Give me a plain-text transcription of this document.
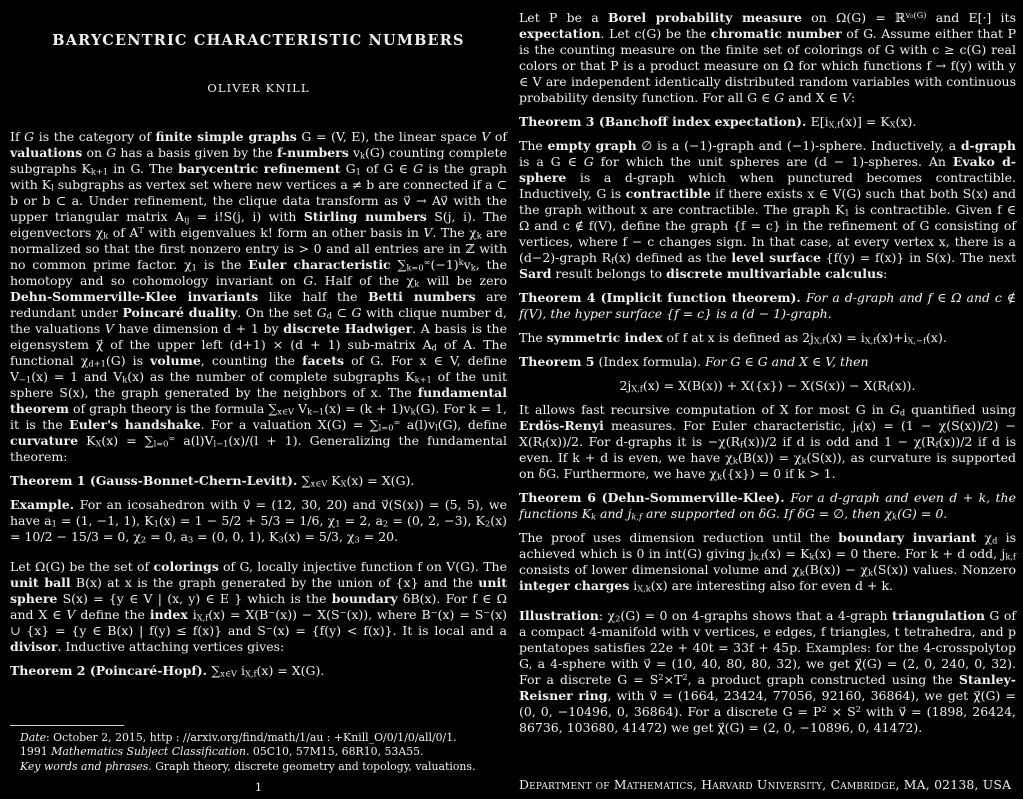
BARYCENTRIC CHARACTERISTIC NUMBERS
OLIVER KNILL
If G is the category of finite simple graphs G = (V, E), the linear space V of valuations on G has a basis given by the f-numbers $v_k(G)$ counting complete subgraphs $K_{k+1}$ in G. The barycentric refinement $G_1$ of G ∈ G is the graph with $K_l$ subgraphs as vertex set where new vertices a ≠ b are connected if a ⊂ b or b ⊂ a. Under refinement, the clique data transform as v⃗ → Av⃗ with the upper triangular matrix $A_{ij} = i!S(j$, i) with Stirling numbers S(j, i). The eigenvectors $\chi_k$ of $A^T$ with eigenvalues k! form an other basis in V. The $\chi_k$ are normalized so that the first nonzero entry is > 0 and all entries are in ℤ with no common prime factor. $\chi_1$ is the Euler characteristic $\sum_{k=0}^\infty(-1)^kv_k$, the homotopy and so cohomology invariant on G. Half of the $\chi_k$ will be zero Dehn-Sommerville-Klee invariants like half the Betti numbers are redundant under Poincaré duality. On the set $G_d$ ⊂ G with clique number d, the valuations V have dimension d + 1 by discrete Hadwiger. A basis is the eigensystem χ⃗ of the upper left (d+1) × (d + 1) sub-matrix $A_d$ of A. The functional $\chi_{d+1}(G)$ is volume, counting the facets of G. For x ∈ V, define $V_{-1}(x) = 1$ and $V_k(x)$ as the number of complete subgraphs $K_{k+1}$ of the unit sphere S(x), the graph generated by the neighbors of x. The fundamental theorem of graph theory is the formula $\sum_{x\in V}$ $V_{k-1}(x) = (k + 1)v_k(G)$. For k = 1, it is the Euler's handshake. For a valuation $X(G) = \sum_{l=0}^\infty$ $a(l)v_l(G)$, define curvature $K_X(x) = \sum_{l=0}^\infty$ $a(l)V_{l-1}(x)/(l + 1)$. Generalizing the fundamental theorem:
Theorem 1 (Gauss-Bonnet-Chern-Levitt). $\sum_{x\in V}$ $K_X(x) = X(G)$.
Example. For an icosahedron with v⃗ = (12, 30, 20) and v⃗(S(x)) = (5, 5), we have $a_1 = (1$, −1, 1), $K_1(x) = 1 - 5/2 + 5/3 = 1/6$, $\chi_1 = 2$, $a_2 = (0$, 2, −3), $K_2(x) = 10/2 - 15/3 = 0$, $\chi_2 = 0$, $a_3 = (0$, 0, 1), $K_3(x) = 5/3$, $\chi_3 = 20$.
Let Ω(G) be the set of colorings of G, locally injective function f on V(G). The unit ball B(x) at x is the graph generated by the union of {x} and the unit sphere S(x) = {y ∈ V | (x, y) ∈ E } which is the boundary δB(x). For f ∈ Ω and X ∈ V define the index $i_{X,f}(x) = X(B^-(x)) - X(S^-(x))$, where B−(x) = S−(x) ∪ {x} = {y ∈ B(x) | f(y) ≤ f(x)} and S−(x) = {f(y) < f(x)}. It is local and a divisor. Inductive attaching vertices gives:
Theorem 2 (Poincaré-Hopf). $\sum_{x\in V}$ $i_{X,f}(x) = X(G)$.
Date: October 2, 2015, http : //arxiv.org/find/math/1/au : +Knill_O/0/1/0/all/0/1.
1991 Mathematics Subject Classification. 05C10, 57M15, 68R10, 53A55.
Key words and phrases. Graph theory, discrete geometry and topology, valuations.
1
Let P be a Borel probability measure on Ω(G) = ℝ$^{v_0(G)}$ and E[·] its expectation. Let c(G) be the chromatic number of G. Assume either that P is the counting measure on the finite set of colorings of G with c ≥ c(G) real colors or that P is a product measure on Ω for which functions f → f(y) with y ∈ V are independent identically distributed random variables with continuous probability density function. For all G ∈ G and X ∈ V:
Theorem 3 (Banchoff index expectation). $E[i_{X,f}(x)] = K_X(x)$.
The empty graph ∅ is a (−1)-graph and (−1)-sphere. Inductively, a d-graph is a G ∈ G for which the unit spheres are (d − 1)-spheres. An Evako d-sphere is a d-graph which when punctured becomes contractible. Inductively, G is contractible if there exists x ∈ V(G) such that both S(x) and the graph without x are contractible. The graph $K_1$ is contractible. Given f ∈ Ω and c ∉ f(V), define the graph {f = c} in the refinement of G consisting of vertices, where f − c changes sign. In that case, at every vertex x, there is a (d−2)-graph $R_f(x)$ defined as the level surface {f(y) = f(x)} in S(x). The next Sard result belongs to discrete multivariable calculus:
Theorem 4 (Implicit function theorem). For a d-graph and f ∈ Ω and c ∉ f(V), the hyper surface {f = c} is a (d − 1)-graph.
The symmetric index of f at x is defined as $2j_{X,f}(x) = i_{X,f}(x)+i_{X,-f}(x)$.
Theorem 5 (Index formula). For G ∈ G and X ∈ V, then
$2j_{X,f}(x) = X(B(x)) + X(\{x\}) - X(S(x)) - X(R_f(x))$.
It allows fast recursive computation of X for most G in $G_d$ quantified using Erdös-Renyi measures. For Euler characteristic, $j_f(x) = (1 - \chi(S(x))/2) - X(R_f(x))/2$. For d-graphs it is $-\chi(R_f(x))/2$ if d is odd and $1 - \chi(R_f(x))/2$ if d is even. If k + d is even, we have $\chi_k(B(x)) = \chi_k(S(x))$, as curvature is supported on δG. Furthermore, we have $\chi_k(\{x\}) = 0$ if k > 1.
Theorem 6 (Dehn-Sommerville-Klee). For a d-graph and even d + k, the functions $K_k$ and $j_{k,f}$ are supported on δG. If δG = ∅, then $\chi_k(G) = 0$.
The proof uses dimension reduction until the boundary invariant $\chi_d$ is achieved which is 0 in int(G) giving $j_{k,f}(x) = K_k(x) = 0$ there. For k + d odd, $j_{k,f}$ consists of lower dimensional volume and $\chi_k(B(x)) - \chi_k(S(x))$ values. Nonzero integer charges $i_{X,k}(x)$ are interesting also for even d + k.
Illustration: $\chi_2(G) = 0$ on 4-graphs shows that a 4-graph triangulation G of a compact 4-manifold with v vertices, e edges, f triangles, t tetrahedra, and p pentatopes satisfies 22e + 40t = 33f + 45p. Examples: for the 4-crosspolytop G, a 4-sphere with v⃗ = (10, 40, 80, 80, 32), we get χ⃗(G) = (2, 0, 240, 0, 32). For a discrete $G = S^2\times T^2$, a product graph constructed using the Stanley-Reisner ring, with v⃗ = (1664, 23424, 77056, 92160, 36864), we get χ⃗(G) = (0, 0, −10496, 0, 36864). For a discrete $G = P^2 \times S^2$ with v⃗ = (1898, 26424, 86736, 103680, 41472) we get χ⃗(G) = (2, 0, −10896, 0, 41472).
Department of Mathematics, Harvard University, Cambridge, MA, 02138, USA
